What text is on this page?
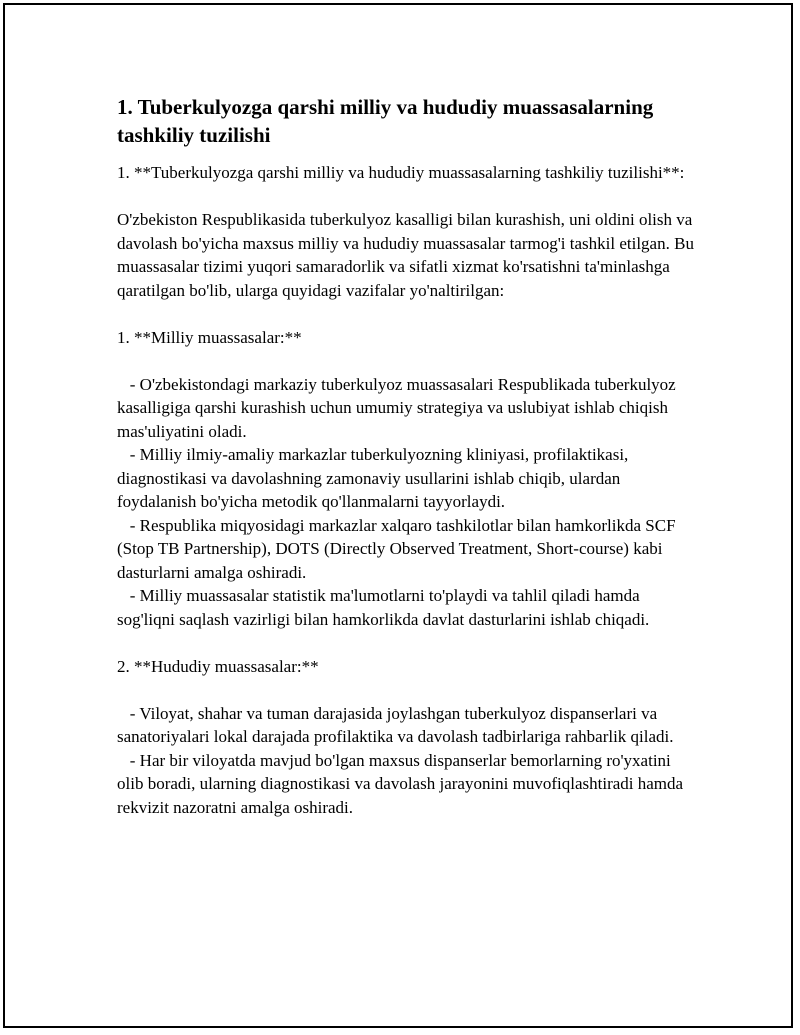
1. Tuberkulyozga qarshi milliy va hududiy muassasalarning tashkiliy tuzilishi

1. **Tuberkulyozga qarshi milliy va hududiy muassasalarning tashkiliy tuzilishi**:

O'zbekiston Respublikasida tuberkulyoz kasalligi bilan kurashish, uni oldini olish va davolash bo'yicha maxsus milliy va hududiy muassasalar tarmog'i tashkil etilgan. Bu muassasalar tizimi yuqori samaradorlik va sifatli xizmat ko'rsatishni ta'minlashga qaratilgan bo'lib, ularga quyidagi vazifalar yo'naltirilgan:

1. **Milliy muassasalar:**

- O'zbekistondagi markaziy tuberkulyoz muassasalari Respublikada tuberkulyoz kasalligiga qarshi kurashish uchun umumiy strategiya va uslubiyat ishlab chiqish mas'uliyatini oladi.
- Milliy ilmiy-amaliy markazlar tuberkulyozning kliniyasi, profilaktikasi, diagnostikasi va davolashning zamonaviy usullarini ishlab chiqib, ulardan foydalanish bo'yicha metodik qo'llanmalarni tayyorlaydi.
- Respublika miqyosidagi markazlar xalqaro tashkilotlar bilan hamkorlikda SCF (Stop TB Partnership), DOTS (Directly Observed Treatment, Short-course) kabi dasturlarni amalga oshiradi.
- Milliy muassasalar statistik ma'lumotlarni to'playdi va tahlil qiladi hamda sog'liqni saqlash vazirligi bilan hamkorlikda davlat dasturlarini ishlab chiqadi.

2. **Hududiy muassasalar:**

- Viloyat, shahar va tuman darajasida joylashgan tuberkulyoz dispanserlari va sanatoriyalari lokal darajada profilaktika va davolash tadbirlariga rahbarlik qiladi.
- Har bir viloyatda mavjud bo'lgan maxsus dispanserlar bemorlarning ro'yxatini olib boradi, ularning diagnostikasi va davolash jarayonini muvofiqlashtiradi hamda rekvizit nazoratni amalga oshiradi.
